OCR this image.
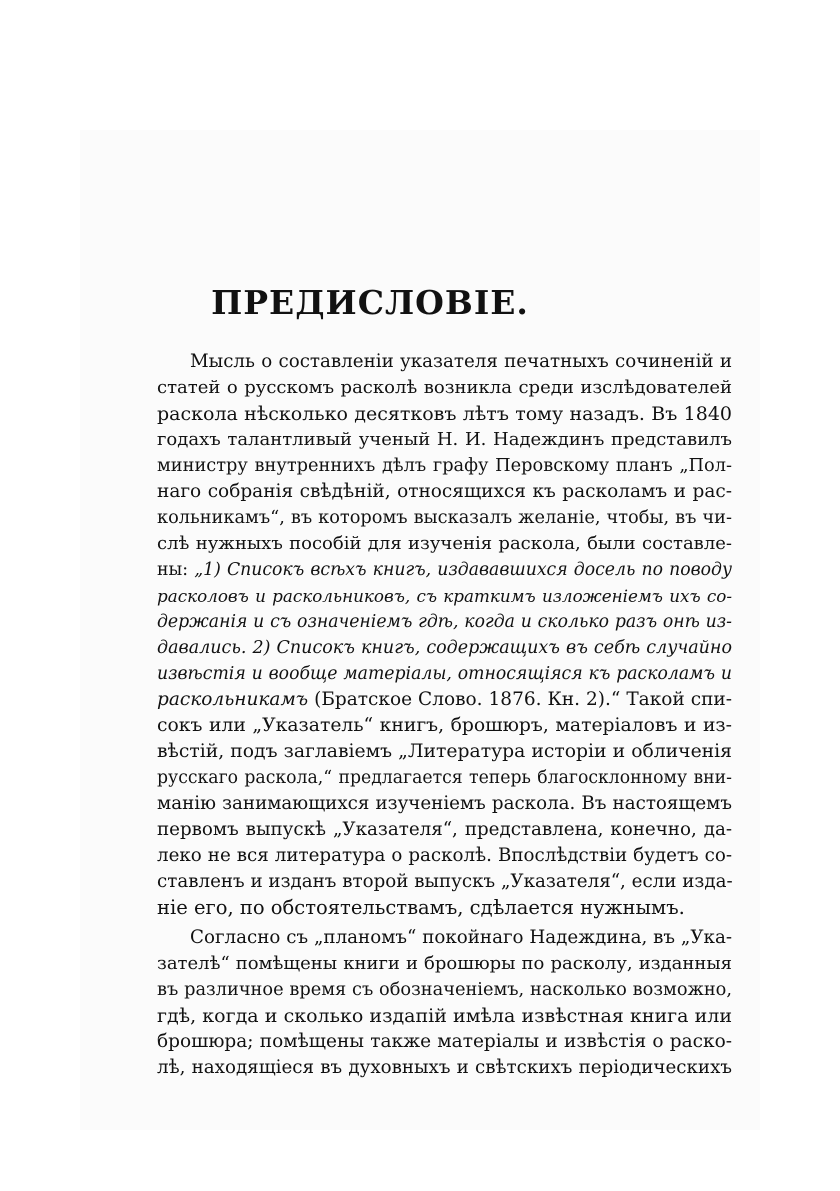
ПРЕДИСЛОВІЕ.

Мысль о составленіи указателя печатныхъ сочиненій и

статей о русскомъ расколѣ возникла среди изслѣдователей

раскола нѣсколько десятковъ лѣтъ тому назадъ. Въ 1840

годахъ талантливый ученый Н. И. Надеждинъ представилъ

министру внутреннихъ дѣлъ графу Перовскому планъ „Пол-

наго собранія свѣдѣній, относящихся къ расколамъ и рас-

кольникамъ“, въ которомъ высказалъ желаніе, чтобы, въ чи-

слѣ нужныхъ пособій для изученія раскола, были составле-

ны: „1) Списокъ всѣхъ книгъ, издававшихся досель по поводу

расколовъ и раскольниковъ, съ краткимъ изложеніемъ ихъ со-

держанія и съ означеніемъ гдѣ, когда и сколько разъ онѣ из-

давались. 2) Списокъ книгъ, содержащихъ въ себѣ случайно

извѣстія и вообще матеріалы, относящіяся къ расколамъ и

раскольникамъ (Братское Слово. 1876. Кн. 2).“ Такой спи-

сокъ или „Указатель“ книгъ, брошюръ, матеріаловъ и из-

вѣстій, подъ заглавіемъ „Литература исторіи и обличенія

русскаго раскола,“ предлагается теперь благосклонному вни-

манію занимающихся изученіемъ раскола. Въ настоящемъ

первомъ выпускѣ „Указателя“, представлена, конечно, да-

леко не вся литература о расколѣ. Впослѣдствіи будетъ со-

ставленъ и изданъ второй выпускъ „Указателя“, если изда-

ніе его, по обстоятельствамъ, сдѣлается нужнымъ.

Согласно съ „планомъ“ покойнаго Надеждина, въ „Ука-

зателѣ“ помѣщены книги и брошюры по расколу, изданныя

въ различное время съ обозначеніемъ, насколько возможно,

гдѣ, когда и сколько издапій имѣла извѣстная книга или

брошюра; помѣщены также матеріалы и извѣстія о раско-

лѣ, находящіеся въ духовныхъ и свѣтскихъ періодическихъ
